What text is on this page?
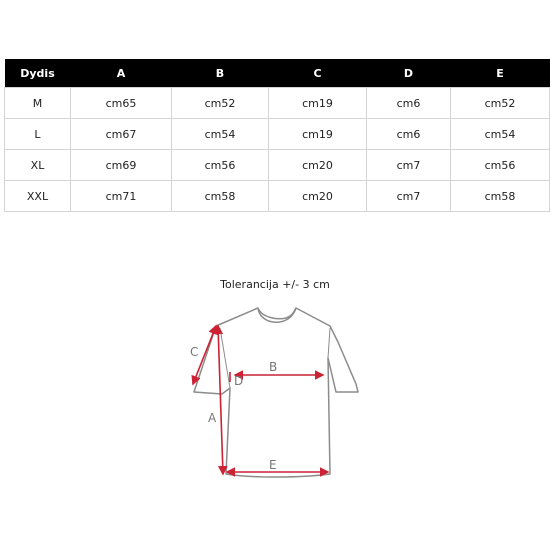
Dydis	A	B	C	D	E
M	cm65	cm52	cm19	cm6	cm52
L	cm67	cm54	cm19	cm6	cm54
XL	cm69	cm56	cm20	cm7	cm56
XXL	cm71	cm58	cm20	cm7	cm58
Tolerancija +/- 3 cm
C
A
B
D
E
